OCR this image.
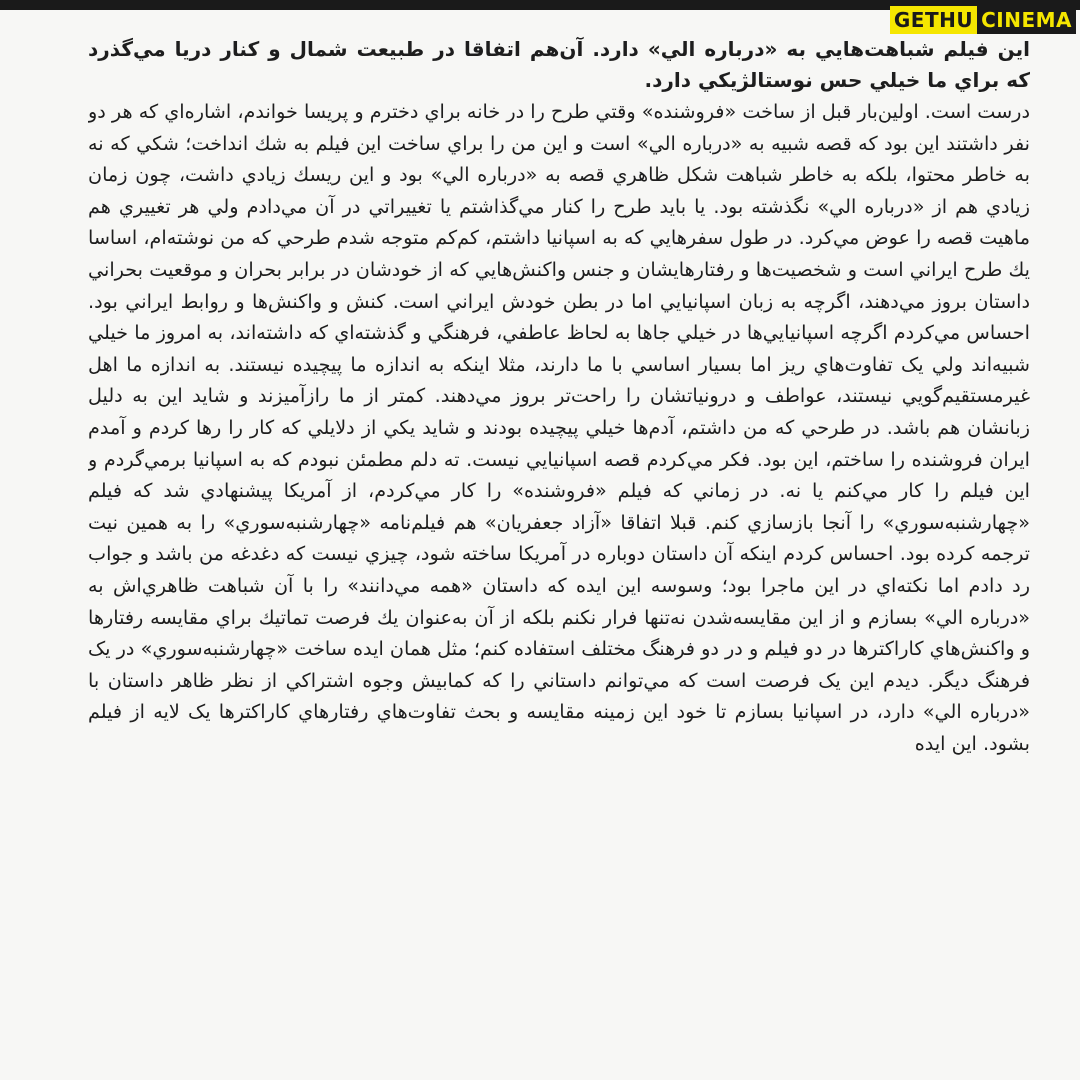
GETHU CINEMA

اين فيلم شباهت‌هايي به «درباره الي» دارد. آن‌هم اتفاقا در طبيعت شمال و كنار دريا مي‌گذرد كه براي ما خيلي حس نوستالژيكي دارد.

درست است. اولين‌بار قبل از ساخت «فروشنده» وقتي طرح را در خانه براي دخترم و پريسا خواندم، اشاره‌اي كه هر دو نفر داشتند اين بود كه قصه شبيه به «درباره الي» است و اين من را براي ساخت اين فيلم به شك انداخت؛ شكي كه نه به خاطر محتوا، بلكه به خاطر شباهت شكل ظاهري قصه به «درباره الي» بود و اين ريسك زيادي داشت، چون زمان زيادي هم از «درباره الي» نگذشته بود. يا بايد طرح را كنار مي‌گذاشتم يا تغييراتي در آن مي‌دادم ولي هر تغييري هم ماهيت قصه را عوض مي‌كرد. در طول سفرهايي كه به اسپانيا داشتم، كم‌كم متوجه شدم طرحي كه من نوشته‌ام، اساسا يك طرح ايراني است و شخصيت‌ها و رفتارهايشان و جنس واكنش‌هايي كه از خودشان در برابر بحران و موقعيت بحراني داستان بروز مي‌دهند، اگرچه به زبان اسپانيايي اما در بطن خودش ايراني است. كنش و واكنش‌ها و روابط ايراني بود. احساس مي‌كردم اگرچه اسپانيايي‌ها در خيلي جاها به لحاظ عاطفي، فرهنگي و گذشته‌اي كه داشته‌اند، به امروز ما خيلي شبيه‌اند ولي يک تفاوت‌هاي ريز اما بسيار اساسي با ما دارند، مثلا اينكه به اندازه ما پيچيده نيستند. به اندازه ما اهل غيرمستقيم‌گويي نيستند، عواطف و درونياتشان را راحت‌تر بروز مي‌دهند. كمتر از ما رازآميزند و شايد اين به دليل زبانشان هم باشد. در طرحي كه من داشتم، آدم‌ها خيلي پيچيده بودند و شايد يكي از دلايلي كه كار را رها كردم و آمدم ايران فروشنده را ساختم، اين بود. فكر مي‌كردم قصه اسپانيايي نيست. ته دلم مطمئن نبودم كه به اسپانيا برمي‌گردم و اين فيلم را كار مي‌كنم يا نه. در زماني كه فيلم «فروشنده» را كار مي‌كردم، از آمريكا پيشنهادي شد كه فيلم «چهارشنبه‌سوري» را آنجا بازسازي كنم. قبلا اتفاقا «آزاد جعفريان» هم فيلم‌نامه «چهارشنبه‌سوري» را به همين نيت ترجمه كرده بود. احساس كردم اينكه آن داستان دوباره در آمريكا ساخته شود، چيزي نيست كه دغدغه من باشد و جواب رد دادم اما نكته‌اي در اين ماجرا بود؛ وسوسه اين ايده كه داستان «همه مي‌دانند» را با آن شباهت ظاهري‌اش به «درباره الي» بسازم و از اين مقايسه‌شدن نه‌تنها فرار نكنم بلكه از آن به‌عنوان يك فرصت تماتيك براي مقايسه رفتارها و واكنش‌هاي كاراكترها در دو فيلم و در دو فرهنگ مختلف استفاده كنم؛ مثل همان ايده ساخت «چهارشنبه‌سوري» در يک فرهنگ ديگر. ديدم اين يک فرصت است كه مي‌توانم داستاني را كه كمابيش وجوه اشتراكي از نظر ظاهر داستان با «درباره الي» دارد، در اسپانيا بسازم تا خود اين زمينه مقايسه و بحث تفاوت‌هاي رفتارهاي كاراكترها يک لايه از فيلم بشود. اين ايده
